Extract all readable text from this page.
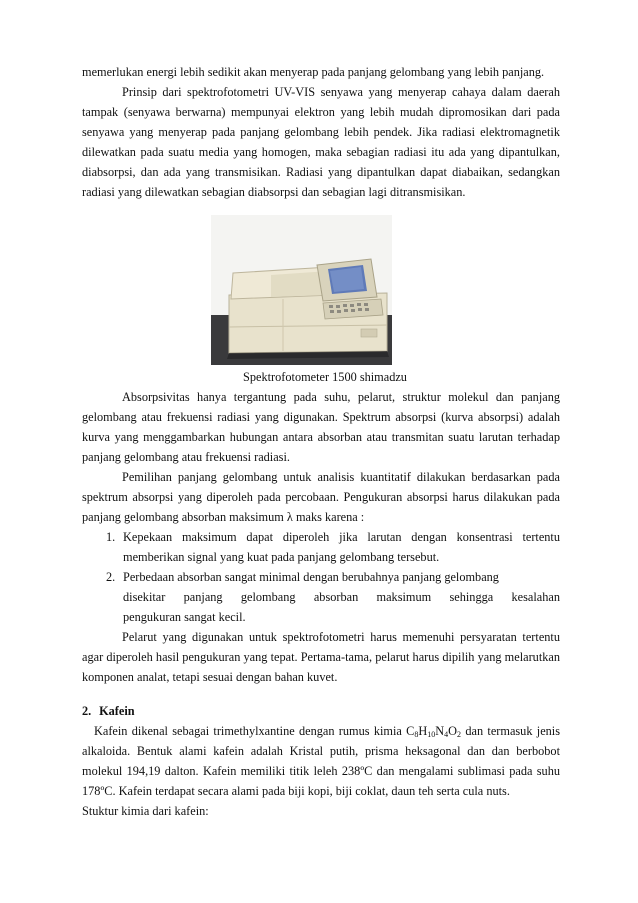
memerlukan energi lebih sedikit akan menyerap pada panjang gelombang yang lebih panjang.

Prinsip dari spektrofotometri UV-VIS senyawa yang menyerap cahaya dalam daerah tampak (senyawa berwarna) mempunyai elektron yang lebih mudah dipromosikan dari pada senyawa yang menyerap pada panjang gelombang lebih pendek. Jika radiasi elektromagnetik dilewatkan pada suatu media yang homogen, maka sebagian radiasi itu ada yang dipantulkan, diabsorpsi, dan ada yang transmisikan. Radiasi yang dipantulkan dapat diabaikan, sedangkan radiasi yang dilewatkan sebagian diabsorpsi dan sebagian lagi ditransmisikan.

Spektrofotometer 1500 shimadzu

Absorpsivitas hanya tergantung pada suhu, pelarut, struktur molekul dan panjang gelombang atau frekuensi radiasi yang digunakan. Spektrum absorpsi (kurva absorpsi) adalah kurva yang menggambarkan hubungan antara absorban atau transmitan suatu larutan terhadap panjang gelombang atau frekuensi radiasi.

Pemilihan panjang gelombang untuk analisis kuantitatif dilakukan berdasarkan pada spektrum absorpsi yang diperoleh pada percobaan. Pengukuran absorpsi harus dilakukan pada panjang gelombang absorban maksimum λ maks karena :

1. Kepekaan maksimum dapat diperoleh jika larutan dengan konsentrasi tertentu
memberikan signal yang kuat pada panjang gelombang tersebut.
2. Perbedaan absorban sangat minimal dengan berubahnya panjang gelombang
disekitar panjang gelombang absorban maksimum sehingga kesalahan
pengukuran sangat kecil.

Pelarut yang digunakan untuk spektrofotometri harus memenuhi persyaratan tertentu agar diperoleh hasil pengukuran yang tepat. Pertama-tama, pelarut harus dipilih yang melarutkan komponen analat, tetapi sesuai dengan bahan kuvet.

2. Kafein

Kafein dikenal sebagai trimethylxantine dengan rumus kimia $C_8H_{10}N_4O_2$ dan termasuk jenis alkaloida. Bentuk alami kafein adalah Kristal putih, prisma heksagonal dan dan berbobot molekul 194,19 dalton. Kafein memiliki titik leleh 238ºC dan mengalami sublimasi pada suhu 178ºC. Kafein terdapat secara alami pada biji kopi, biji coklat, daun teh serta cula nuts.

Stuktur kimia dari kafein:
